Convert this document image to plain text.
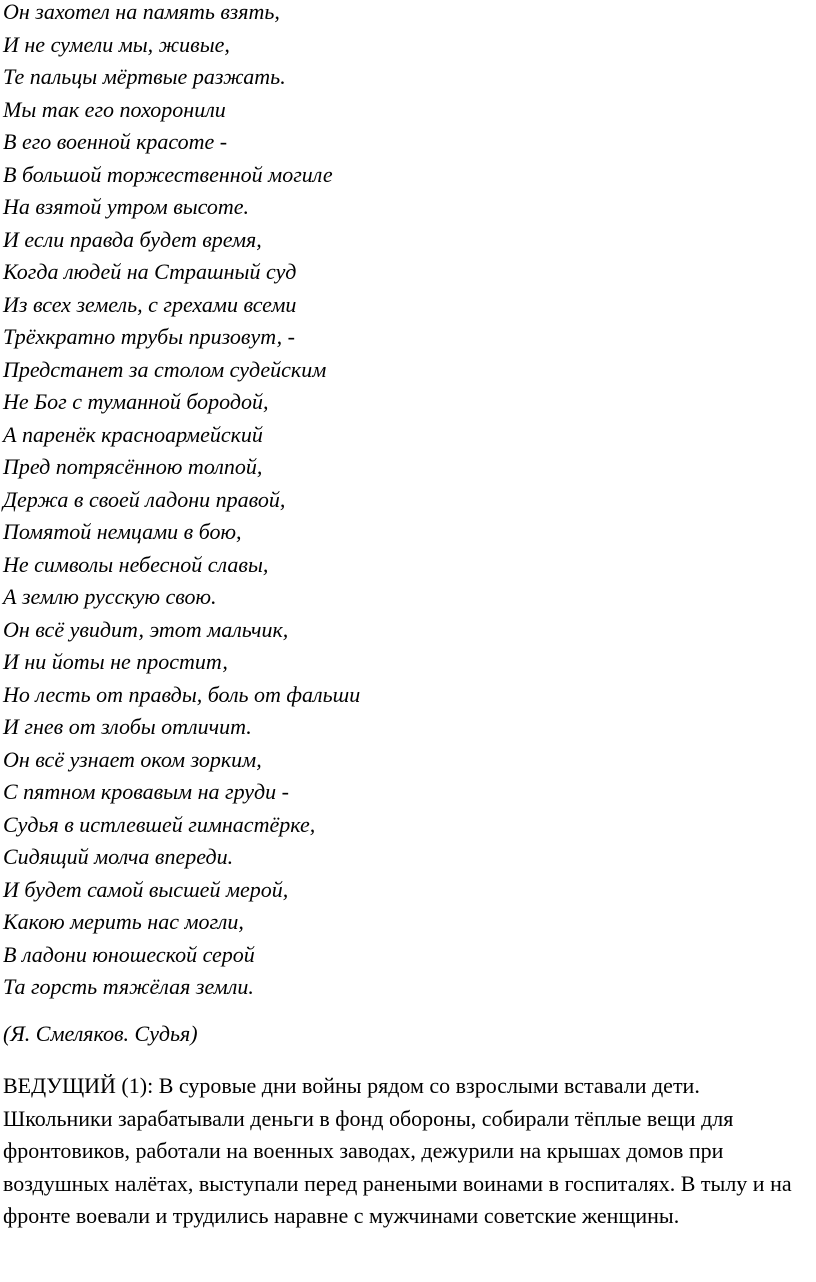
Он захотел на память взять,
И не сумели мы, живые,
Те пальцы мёртвые разжать.
Мы так его похоронили
В его военной красоте -
В большой торжественной могиле
На взятой утром высоте.
И если правда будет время,
Когда людей на Страшный суд
Из всех земель, с грехами всеми
Трёхкратно трубы призовут, -
Предстанет за столом судейским
Не Бог с туманной бородой,
А паренёк красноармейский
Пред потрясённою толпой,
Держа в своей ладони правой,
Помятой немцами в бою,
Не символы небесной славы,
А землю русскую свою.
Он всё увидит, этот мальчик,
И ни йоты не простит,
Но лесть от правды, боль от фальши
И гнев от злобы отличит.
Он всё узнает оком зорким,
С пятном кровавым на груди -
Судья в истлевшей гимнастёрке,
Сидящий молча впереди.
И будет самой высшей мерой,
Какою мерить нас могли,
В ладони юношеской серой
Та горсть тяжёлая земли.
(Я. Смеляков. Судья)

ВЕДУЩИЙ (1): В суровые дни войны рядом со взрослыми вставали дети. Школьники зарабатывали деньги в фонд обороны, собирали тёплые вещи для фронтовиков, работали на военных заводах, дежурили на крышах домов при воздушных налётах, выступали перед ранеными воинами в госпиталях. В тылу и на фронте воевали и трудились наравне с мужчинами советские женщины.
